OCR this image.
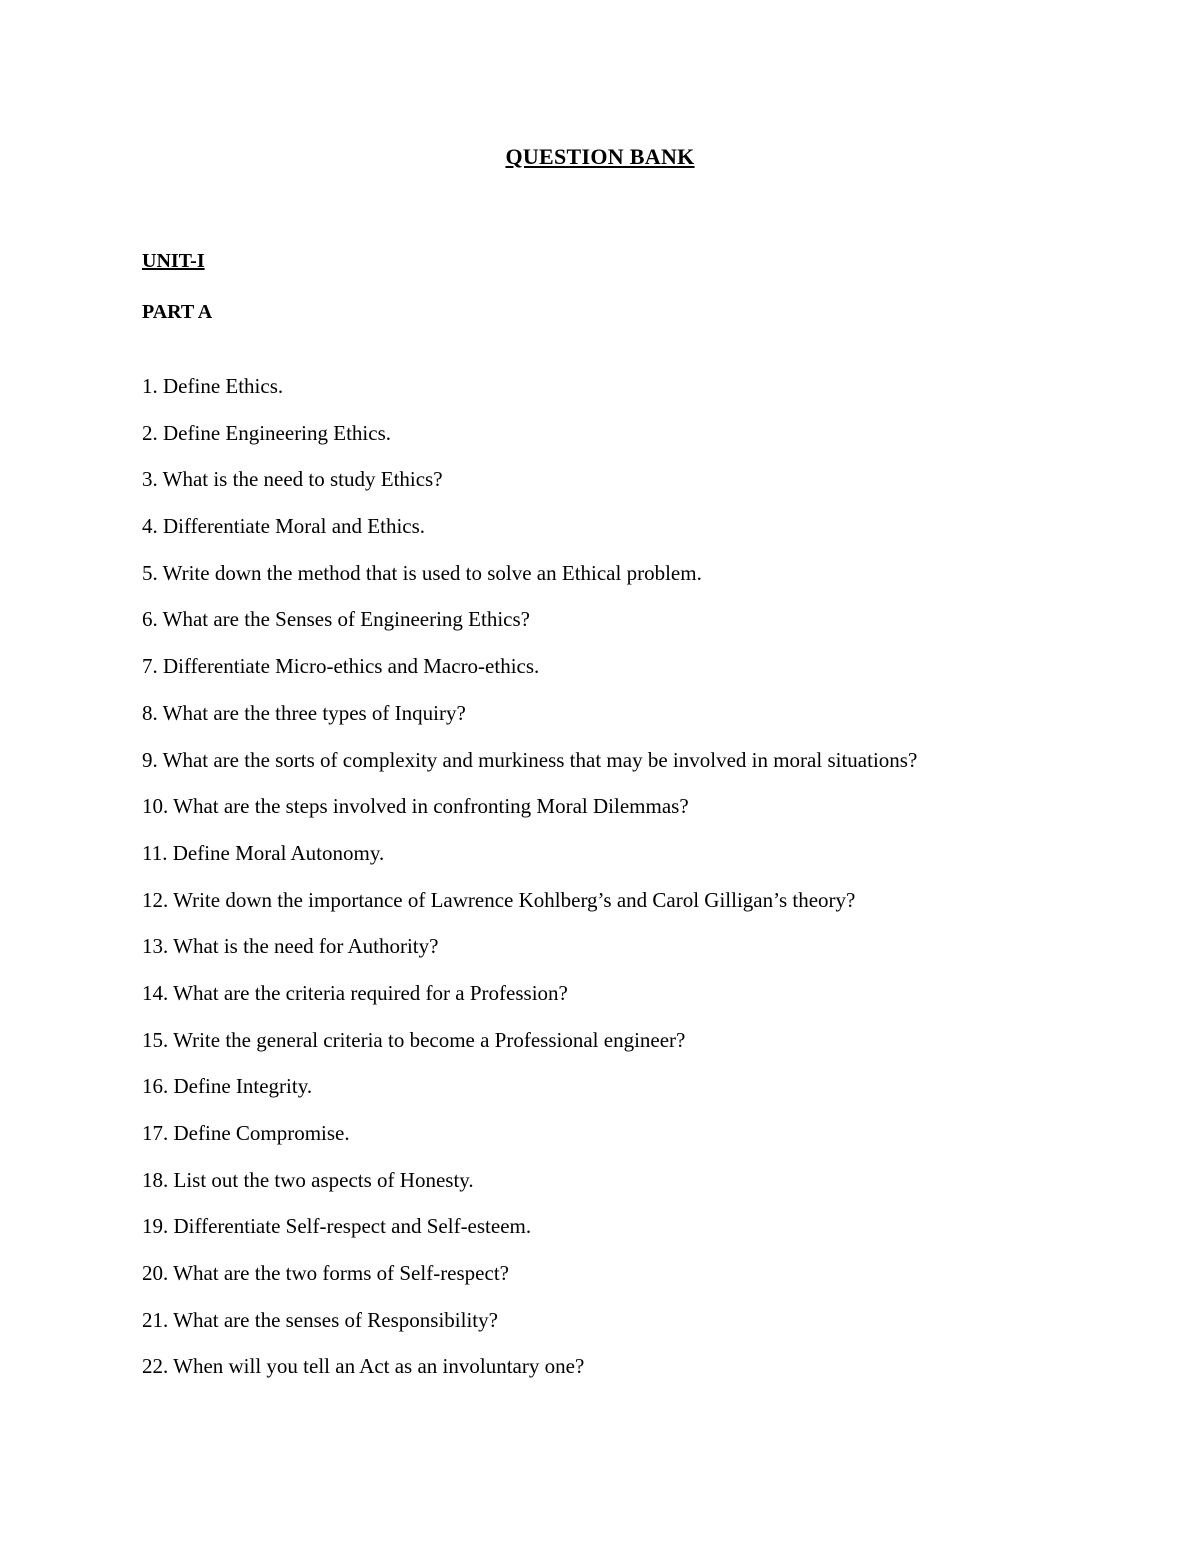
QUESTION BANK
UNIT-I
PART A
1. Define Ethics.
2. Define Engineering Ethics.
3. What is the need to study Ethics?
4. Differentiate Moral and Ethics.
5. Write down the method that is used to solve an Ethical problem.
6. What are the Senses of Engineering Ethics?
7. Differentiate Micro-ethics and Macro-ethics.
8. What are the three types of Inquiry?
9. What are the sorts of complexity and murkiness that may be involved in moral situations?
10. What are the steps involved in confronting Moral Dilemmas?
11. Define Moral Autonomy.
12. Write down the importance of Lawrence Kohlberg’s and Carol Gilligan’s theory?
13. What is the need for Authority?
14. What are the criteria required for a Profession?
15. Write the general criteria to become a Professional engineer?
16. Define Integrity.
17. Define Compromise.
18. List out the two aspects of Honesty.
19. Differentiate Self-respect and Self-esteem.
20. What are the two forms of Self-respect?
21. What are the senses of Responsibility?
22. When will you tell an Act as an involuntary one?
